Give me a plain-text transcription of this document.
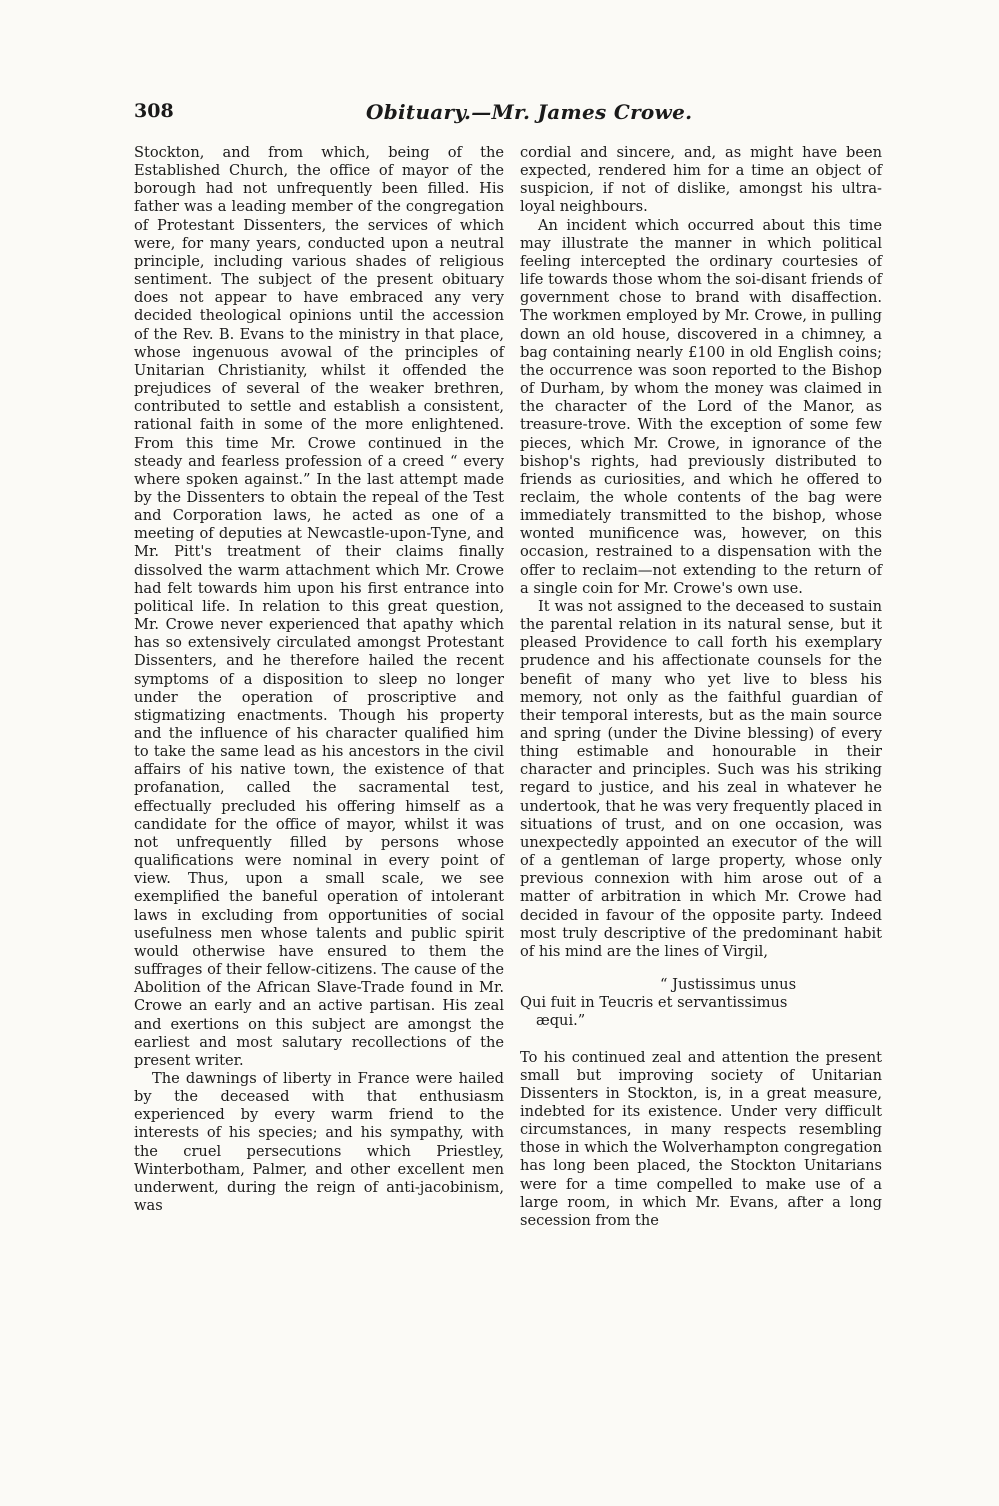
308	Obituary.—Mr. James Crowe.

Stockton, and from which, being of the Established Church, the office of mayor of the borough had not unfrequently been filled. His father was a leading member of the congregation of Protestant Dissenters, the services of which were, for many years, conducted upon a neutral principle, including various shades of religious sentiment. The subject of the present obituary does not appear to have embraced any very decided theological opinions until the accession of the Rev. B. Evans to the ministry in that place, whose ingenuous avowal of the principles of Unitarian Christianity, whilst it offended the prejudices of several of the weaker brethren, contributed to settle and establish a consistent, rational faith in some of the more enlightened. From this time Mr. Crowe continued in the steady and fearless profession of a creed “ every where spoken against.” In the last attempt made by the Dissenters to obtain the repeal of the Test and Corporation laws, he acted as one of a meeting of deputies at Newcastle-upon-Tyne, and Mr. Pitt's treatment of their claims finally dissolved the warm attachment which Mr. Crowe had felt towards him upon his first entrance into political life. In relation to this great question, Mr. Crowe never experienced that apathy which has so extensively circulated amongst Protestant Dissenters, and he therefore hailed the recent symptoms of a disposition to sleep no longer under the operation of proscriptive and stigmatizing enactments. Though his property and the influence of his character qualified him to take the same lead as his ancestors in the civil affairs of his native town, the existence of that profanation, called the sacramental test, effectually precluded his offering himself as a candidate for the office of mayor, whilst it was not unfrequently filled by persons whose qualifications were nominal in every point of view. Thus, upon a small scale, we see exemplified the baneful operation of intolerant laws in excluding from opportunities of social usefulness men whose talents and public spirit would otherwise have ensured to them the suffrages of their fellow-citizens. The cause of the Abolition of the African Slave-Trade found in Mr. Crowe an early and an active partisan. His zeal and exertions on this subject are amongst the earliest and most salutary recollections of the present writer.

The dawnings of liberty in France were hailed by the deceased with that enthusiasm experienced by every warm friend to the interests of his species; and his sympathy, with the cruel persecutions which Priestley, Winterbotham, Palmer, and other excellent men underwent, during the reign of anti-jacobinism, was

cordial and sincere, and, as might have been expected, rendered him for a time an object of suspicion, if not of dislike, amongst his ultra-loyal neighbours.

An incident which occurred about this time may illustrate the manner in which political feeling intercepted the ordinary courtesies of life towards those whom the soi-disant friends of government chose to brand with disaffection. The workmen employed by Mr. Crowe, in pulling down an old house, discovered in a chimney, a bag containing nearly £100 in old English coins; the occurrence was soon reported to the Bishop of Durham, by whom the money was claimed in the character of the Lord of the Manor, as treasure-trove. With the exception of some few pieces, which Mr. Crowe, in ignorance of the bishop's rights, had previously distributed to friends as curiosities, and which he offered to reclaim, the whole contents of the bag were immediately transmitted to the bishop, whose wonted munificence was, however, on this occasion, restrained to a dispensation with the offer to reclaim—not extending to the return of a single coin for Mr. Crowe's own use.

It was not assigned to the deceased to sustain the parental relation in its natural sense, but it pleased Providence to call forth his exemplary prudence and his affectionate counsels for the benefit of many who yet live to bless his memory, not only as the faithful guardian of their temporal interests, but as the main source and spring (under the Divine blessing) of every thing estimable and honourable in their character and principles. Such was his striking regard to justice, and his zeal in whatever he undertook, that he was very frequently placed in situations of trust, and on one occasion, was unexpectedly appointed an executor of the will of a gentleman of large property, whose only previous connexion with him arose out of a matter of arbitration in which Mr. Crowe had decided in favour of the opposite party. Indeed most truly descriptive of the predominant habit of his mind are the lines of Virgil,

“ Justissimus unus
Qui fuit in Teucris et servantissimus
æqui.”

To his continued zeal and attention the present small but improving society of Unitarian Dissenters in Stockton, is, in a great measure, indebted for its existence. Under very difficult circumstances, in many respects resembling those in which the Wolverhampton congregation has long been placed, the Stockton Unitarians were for a time compelled to make use of a large room, in which Mr. Evans, after a long secession from the
